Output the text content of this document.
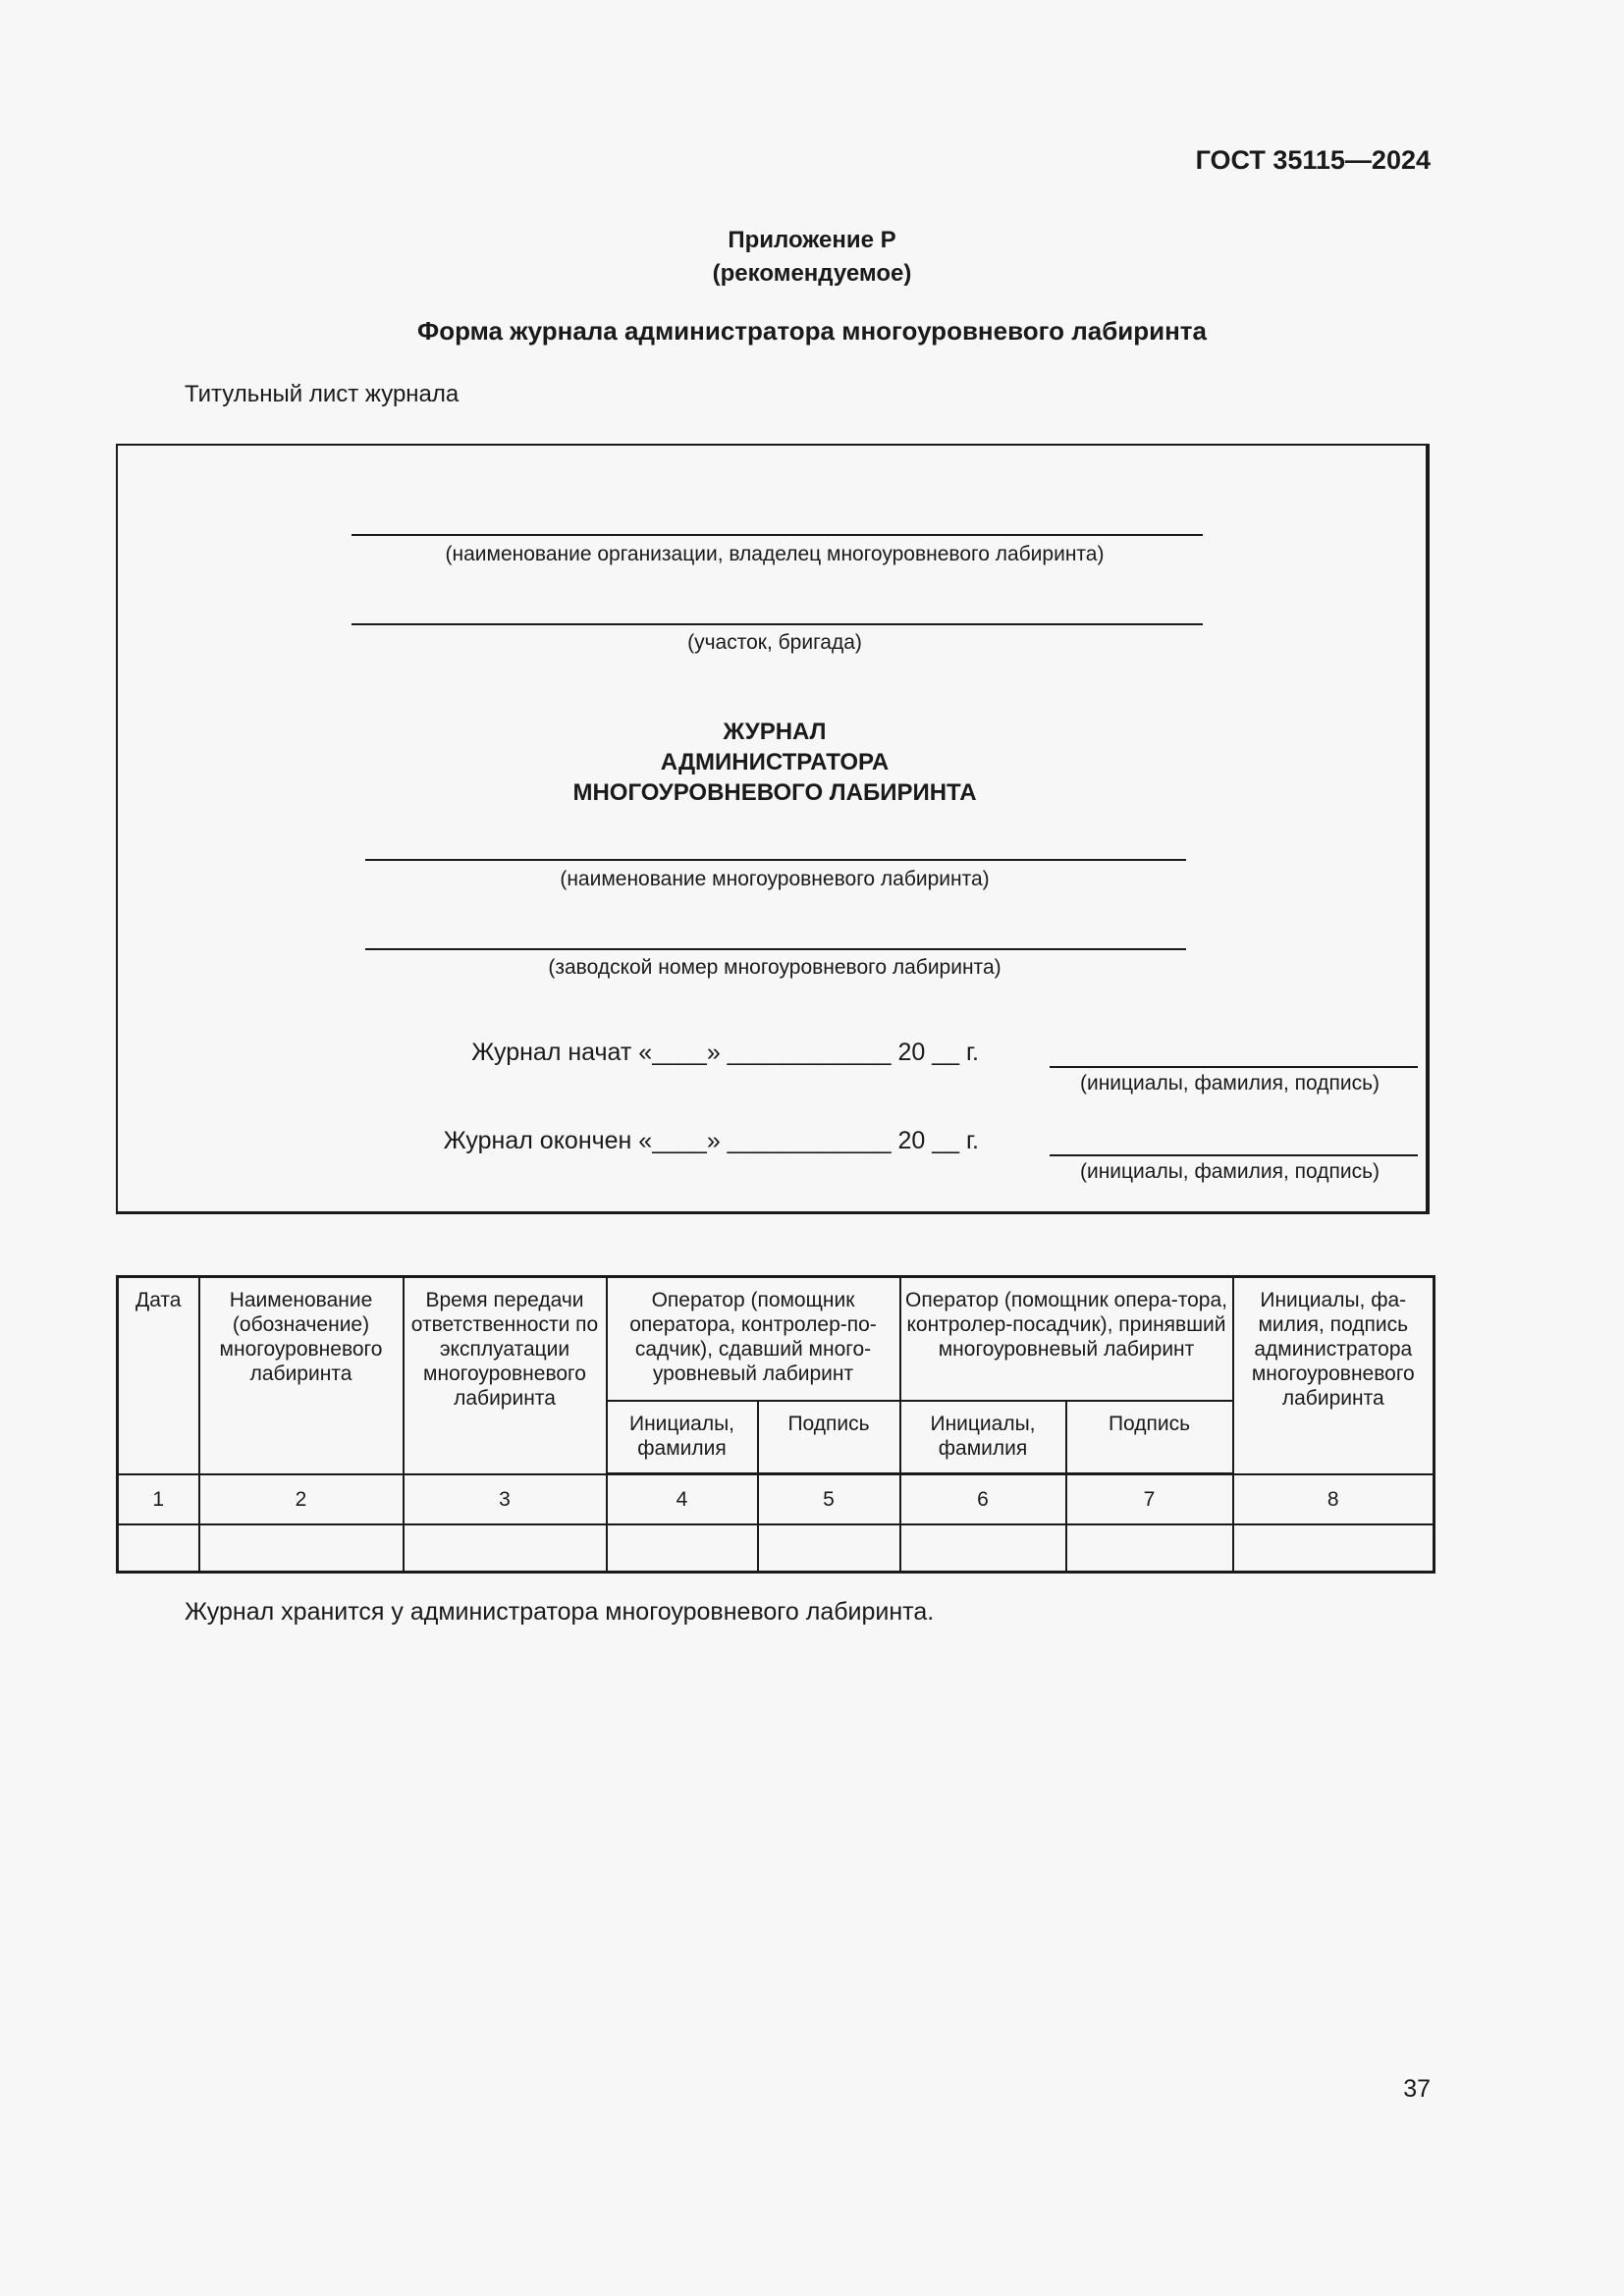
ГОСТ 35115—2024
Приложение Р
(рекомендуемое)
Форма журнала администратора многоуровневого лабиринта
Титульный лист журнала
(наименование организации, владелец многоуровневого лабиринта)
(участок, бригада)
ЖУРНАЛ
АДМИНИСТРАТОРА
МНОГОУРОВНЕВОГО ЛАБИРИНТА
(наименование многоуровневого лабиринта)
(заводской номер многоуровневого лабиринта)
Журнал начат «____» ____________ 20 __ г.
(инициалы, фамилия, подпись)
Журнал окончен «____» ____________ 20 __ г.
(инициалы, фамилия, подпись)
Дата	Наименование (обозначение) многоуровневого лабиринта	Время передачи ответственности по эксплуатации многоуровневого лабиринта	Оператор (помощник оператора, контролер-по-садчик), сдавший много-уровневый лабиринт		Оператор (помощник опера-тора, контролер-посадчик), принявший многоуровневый лабиринт		Инициалы, фа-милия, подпись администратора многоуровневого лабиринта
			Инициалы, фамилия	Подпись	Инициалы, фамилия	Подпись	
1	2	3	4	5	6	7	8

Журнал хранится у администратора многоуровневого лабиринта.
37
